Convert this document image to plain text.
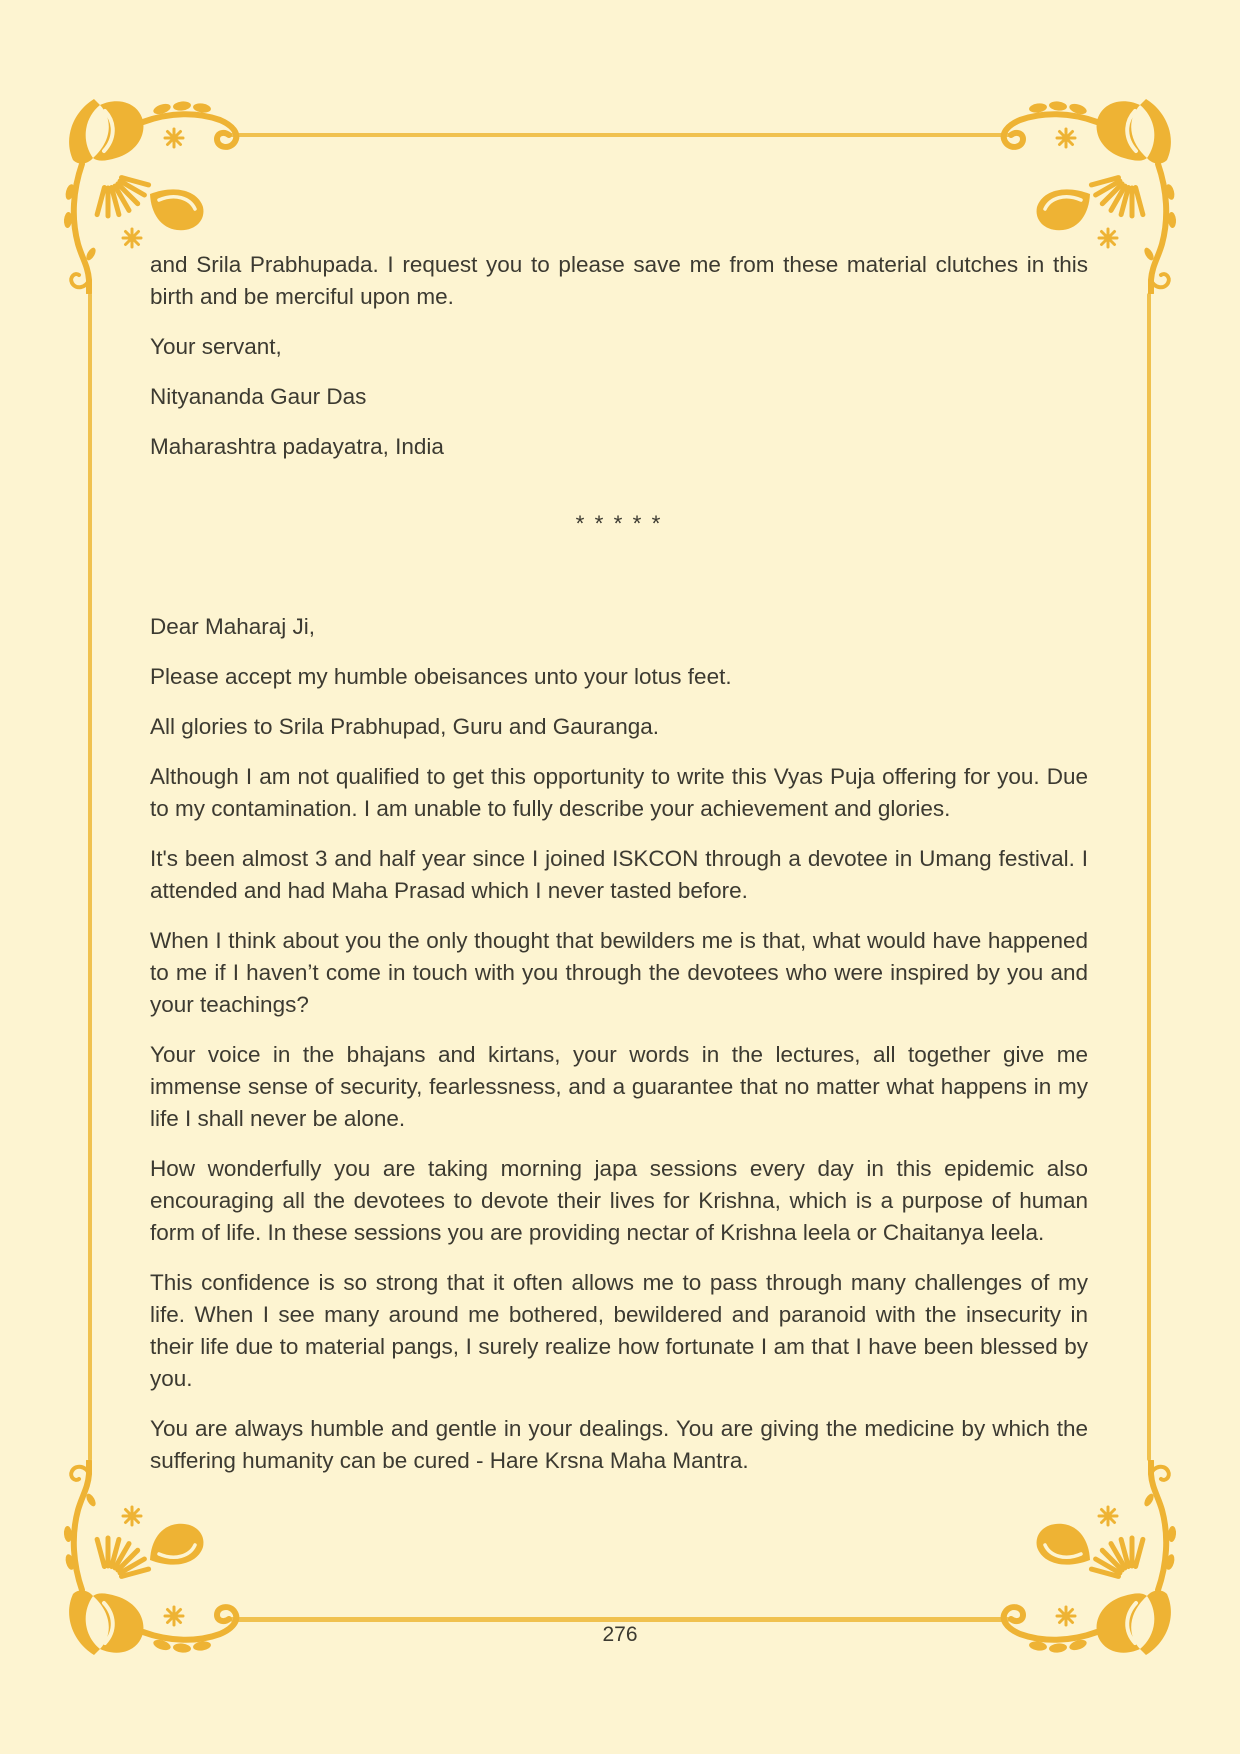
and Srila Prabhupada. I request you to please save me from these material clutches in this birth and be merciful upon me.

Your servant,

Nityananda Gaur Das

Maharashtra padayatra, India

* * * * *

Dear Maharaj Ji,

Please accept my humble obeisances unto your lotus feet.

All glories to Srila Prabhupad, Guru and Gauranga.

Although I am not qualified to get this opportunity to write this Vyas Puja offering for you. Due to my contamination. I am unable to fully describe your achievement and glories.

It's been almost 3 and half year since I joined ISKCON through a devotee in Umang festival. I attended and had Maha Prasad which I never tasted before.

When I think about you the only thought that bewilders me is that, what would have happened to me if I haven’t come in touch with you through the devotees who were inspired by you and your teachings?

Your voice in the bhajans and kirtans, your words in the lectures, all together give me immense sense of security, fearlessness, and a guarantee that no matter what happens in my life I shall never be alone.

How wonderfully you are taking morning japa sessions every day in this epidemic also encouraging all the devotees to devote their lives for Krishna, which is a purpose of human form of life. In these sessions you are providing nectar of Krishna leela or Chaitanya leela.

This confidence is so strong that it often allows me to pass through many challenges of my life. When I see many around me bothered, bewildered and paranoid with the insecurity in their life due to material pangs, I surely realize how fortunate I am that I have been blessed by you.

You are always humble and gentle in your dealings. You are giving the medicine by which the suffering humanity can be cured - Hare Krsna Maha Mantra.

276
